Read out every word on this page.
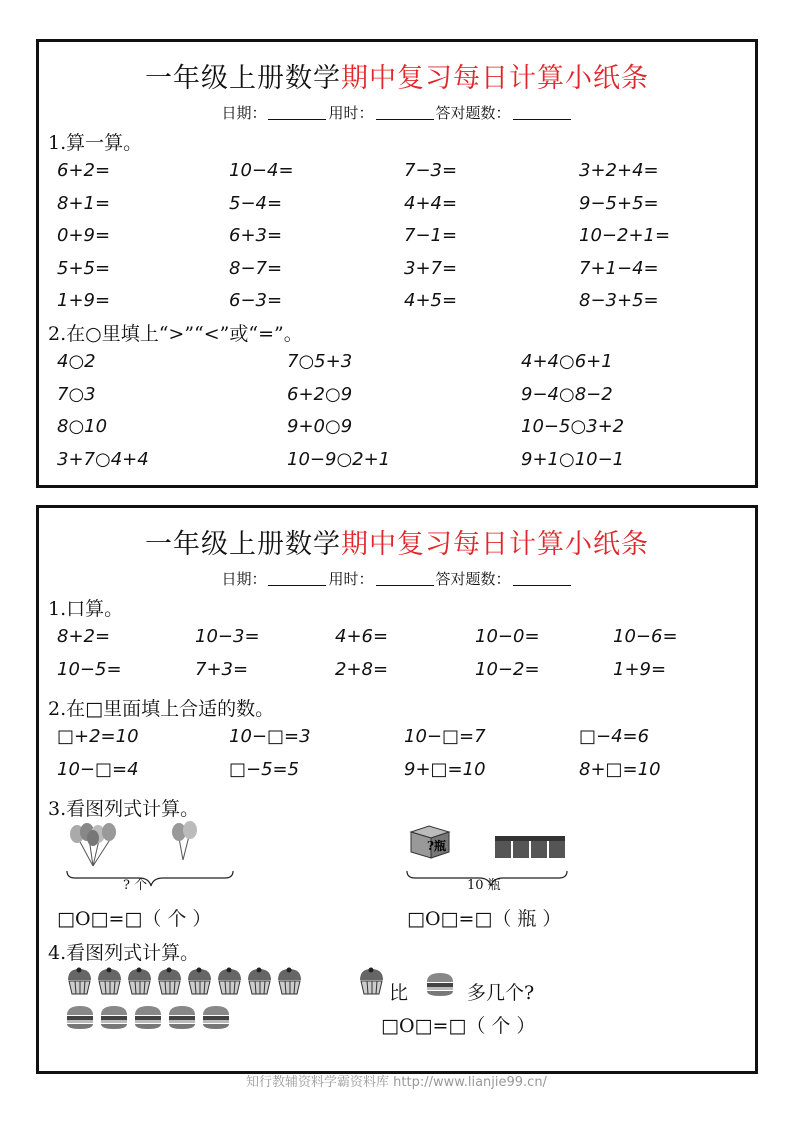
一年级上册数学期中复习每日计算小纸条
日期：	用时：	答对题数：
1.算一算。
6+2=	10−4=	7−3=	3+2+4=
8+1=	5−4=	4+4=	9−5+5=
0+9=	6+3=	7−1=	10−2+1=
5+5=	8−7=	3+7=	7+1−4=
1+9=	6−3=	4+5=	8−3+5=
2.在○里填上“>”“<”或“=”。
4○2	7○5+3	4+4○6+1
7○3	6+2○9	9−4○8−2
8○10	9+0○9	10−5○3+2
3+7○4+4	10−9○2+1	9+1○10−1
一年级上册数学期中复习每日计算小纸条
日期：	用时：	答对题数：
1.口算。
8+2=	10−3=	4+6=	10−0=	10−6=
10−5=	7+3=	2+8=	10−2=	1+9=
2.在□里面填上合适的数。
□+2=10	10−□=3	10−□=7	□−4=6
10−□=4	□−5=5	9+□=10	8+□=10
3.看图列式计算。
? 个
□O□=□（ 个 ）
?瓶
10 瓶
□O□=□（ 瓶 ）
4.看图列式计算。
比	多几个?
□O□=□（ 个 ）
知行教辅资料学霸资料库 http://www.lianjie99.cn/
